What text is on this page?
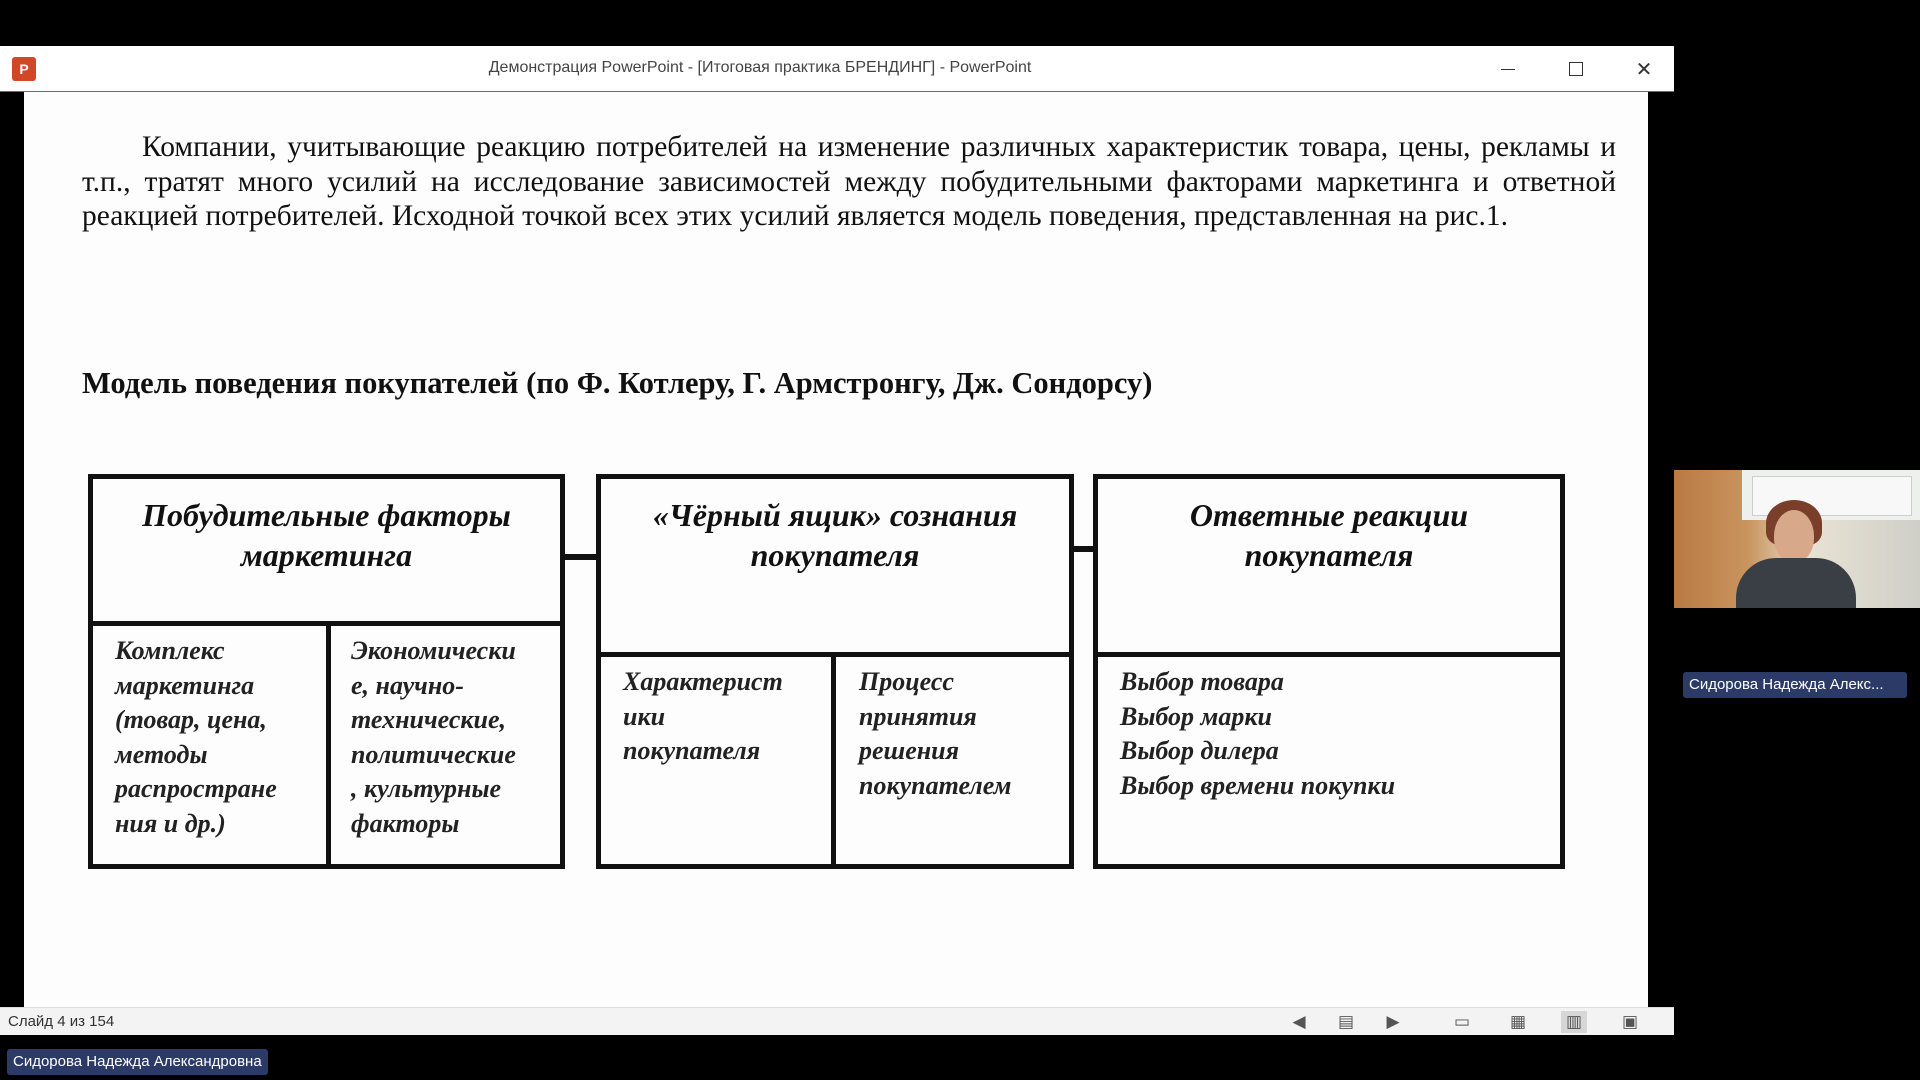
P	Демонстрация PowerPoint - [Итоговая практика БРЕНДИНГ] - PowerPoint	✕
Компании, учитывающие реакцию потребителей на изменение различных характеристик товара, цены, рекламы и т.п., тратят много усилий на исследование зависимостей между побудительными факторами маркетинга и ответной реакцией потребителей. Исходной точкой всех этих усилий является модель поведения, представленная на рис.1.
Модель поведения покупателей (по Ф. Котлеру, Г. Армстронгу, Дж. Сондорсу)
Побудительные факторы маркетинга
Комплекс
маркетинга
(товар, цена,
методы
распростране
ния и др.)
Экономически
е, научно-
технические,
политические
, культурные
факторы
«Чёрный ящик» сознания покупателя
Характерист
ики
покупателя
Процесс
принятия
решения
покупателем
Ответные реакции покупателя
Выбор товара
Выбор марки
Выбор дилера
Выбор времени покупки
Слайд 4 из 154	◀	▤	▶	▭ ▦ ▥ ▣
Сидорова Надежда Алекс...
Сидорова Надежда Александровна
